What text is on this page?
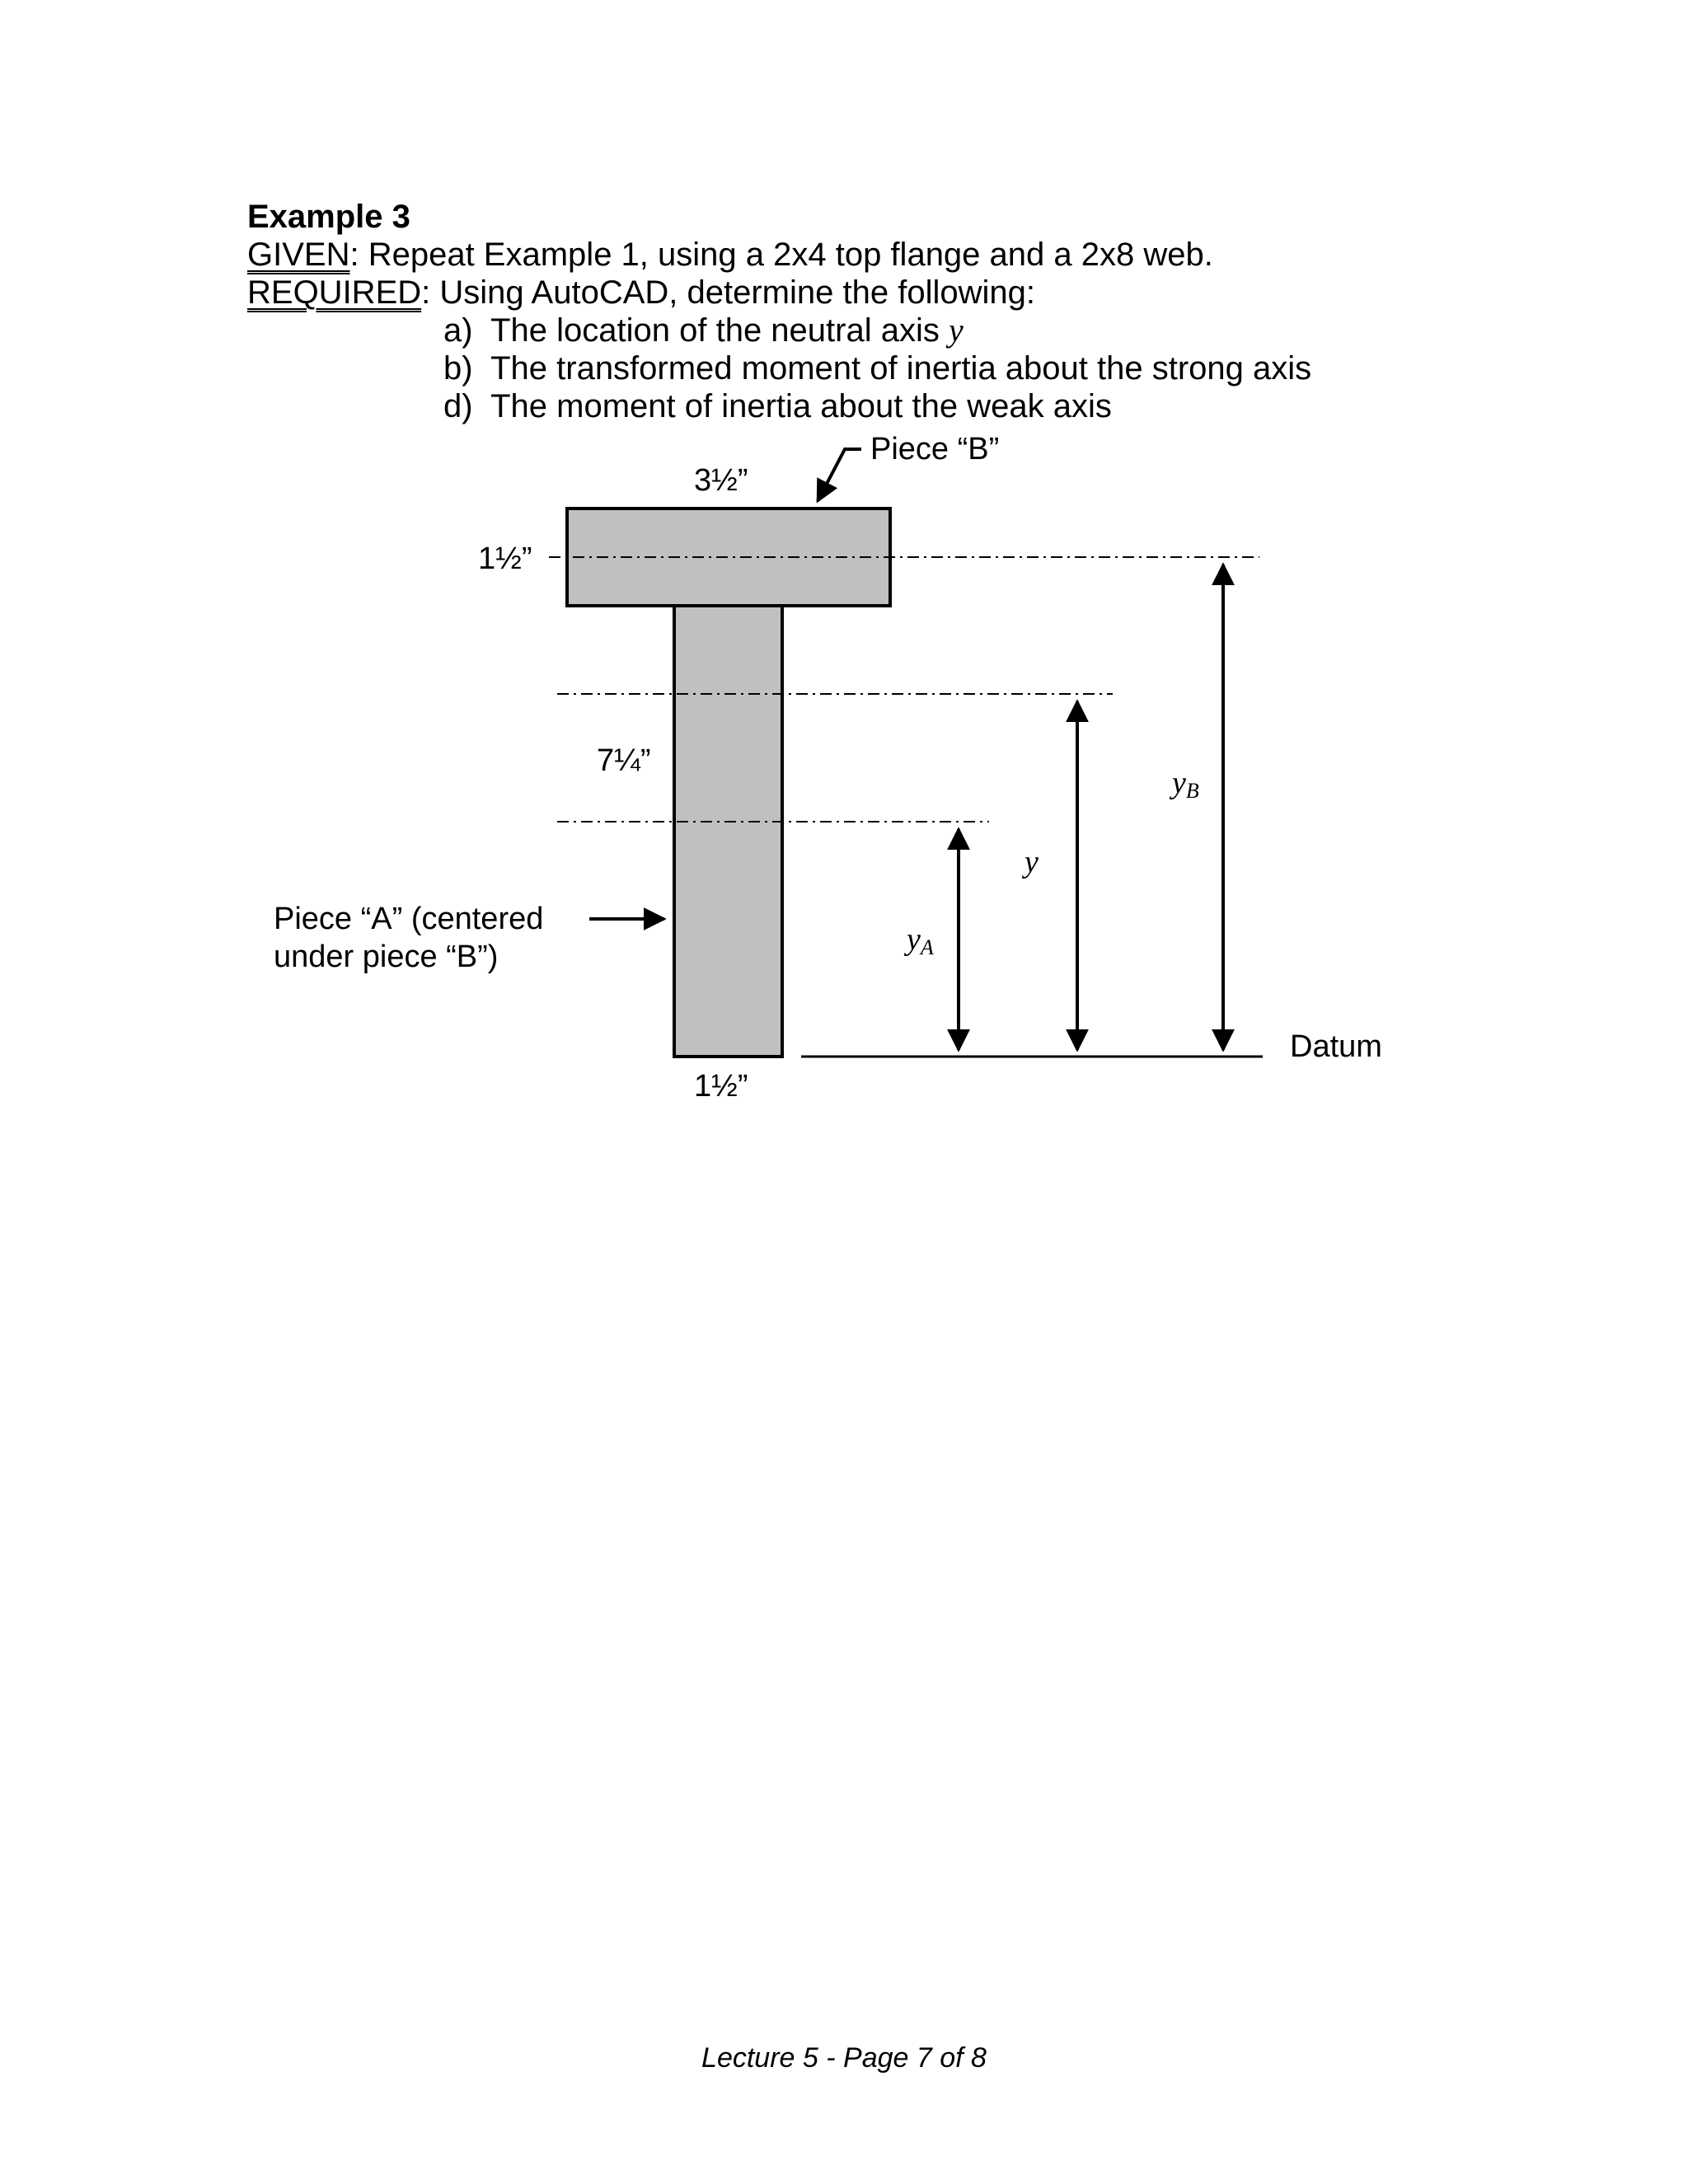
Example 3
GIVEN: Repeat Example 1, using a 2x4 top flange and a 2x8 web.
REQUIRED: Using AutoCAD, determine the following:
a) The location of the neutral axis y
b) The transformed moment of inertia about the strong axis
d) The moment of inertia about the weak axis
3½”
1½”
7¼”
1½”
Piece “B”
Piece “A” (centered
under piece “B”)
Datum
y
yA
yB
Lecture 5 - Page 7 of 8
